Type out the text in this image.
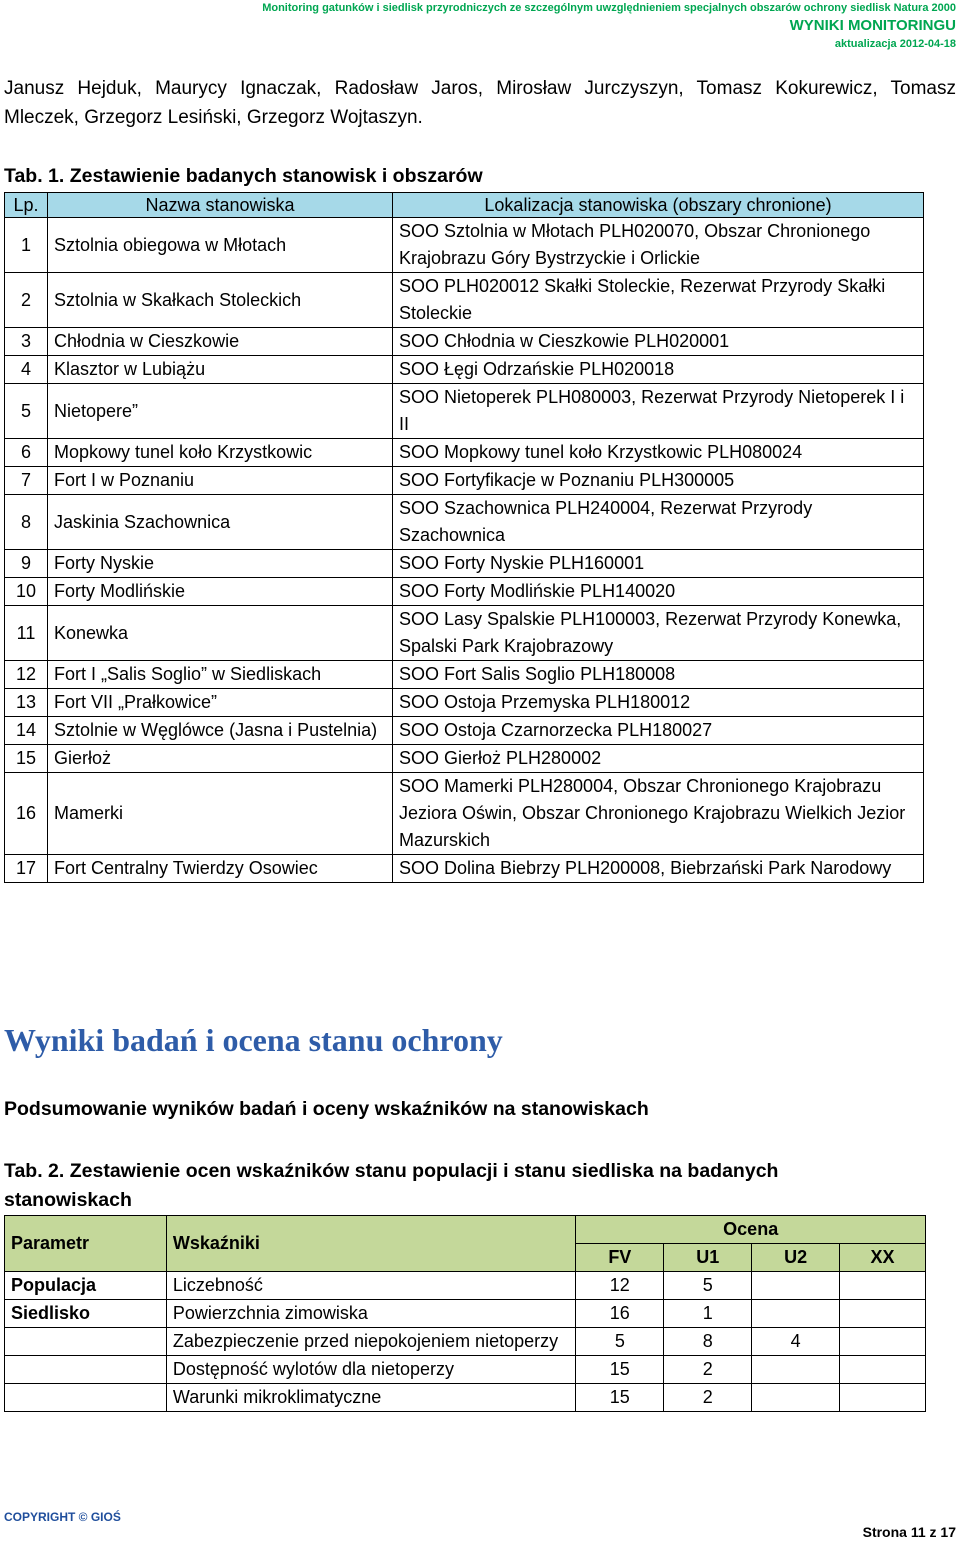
Monitoring gatunków i siedlisk przyrodniczych ze szczególnym uwzględnieniem specjalnych obszarów ochrony siedlisk Natura 2000
WYNIKI MONITORINGU
aktualizacja 2012-04-18
Janusz Hejduk, Maurycy Ignaczak, Radosław Jaros, Mirosław Jurczyszyn, Tomasz Kokurewicz, Tomasz Mleczek, Grzegorz Lesiński, Grzegorz Wojtaszyn.
Tab. 1. Zestawienie badanych stanowisk i obszarów
Lp.	Nazwa stanowiska	Lokalizacja stanowiska (obszary chronione)
1	Sztolnia obiegowa w Młotach	SOO Sztolnia w Młotach PLH020070, Obszar Chronionego Krajobrazu Góry Bystrzyckie i Orlickie
2	Sztolnia w Skałkach Stoleckich	SOO PLH020012 Skałki Stoleckie, Rezerwat Przyrody Skałki Stoleckie
3	Chłodnia w Cieszkowie	SOO Chłodnia w Cieszkowie PLH020001
4	Klasztor w Lubiążu	SOO Łęgi Odrzańskie PLH020018
5	Nietopere”	SOO Nietoperek PLH080003, Rezerwat Przyrody Nietoperek I i II
6	Mopkowy tunel koło Krzystkowic	SOO Mopkowy tunel koło Krzystkowic PLH080024
7	Fort I w Poznaniu	SOO Fortyfikacje w Poznaniu PLH300005
8	Jaskinia Szachownica	SOO Szachownica PLH240004, Rezerwat Przyrody Szachownica
9	Forty Nyskie	SOO Forty Nyskie PLH160001
10	Forty Modlińskie	SOO Forty Modlińskie PLH140020
11	Konewka	SOO Lasy Spalskie PLH100003, Rezerwat Przyrody Konewka, Spalski Park Krajobrazowy
12	Fort I „Salis Soglio” w Siedliskach	SOO Fort Salis Soglio PLH180008
13	Fort VII „Prałkowice”	SOO Ostoja Przemyska PLH180012
14	Sztolnie w Węglówce (Jasna i Pustelnia)	SOO Ostoja Czarnorzecka PLH180027
15	Gierłoż	SOO Gierłoż PLH280002
16	Mamerki	SOO Mamerki PLH280004, Obszar Chronionego Krajobrazu Jeziora Oświn, Obszar Chronionego Krajobrazu Wielkich Jezior Mazurskich
17	Fort Centralny Twierdzy Osowiec	SOO Dolina Biebrzy PLH200008, Biebrzański Park Narodowy
Wyniki badań i ocena stanu ochrony
Podsumowanie wyników badań i oceny wskaźników na stanowiskach
Tab. 2. Zestawienie ocen wskaźników stanu populacji i stanu siedliska na badanych stanowiskach
Parametr	Wskaźniki	Ocena			
		FV	U1	U2	XX
Populacja	Liczebność	12	5		
Siedlisko	Powierzchnia zimowiska	16	1		
	Zabezpieczenie przed niepokojeniem nietoperzy	5	8	4	
	Dostępność wylotów dla nietoperzy	15	2		
	Warunki mikroklimatyczne	15	2		
COPYRIGHT © GIOŚ
Strona 11 z 17
